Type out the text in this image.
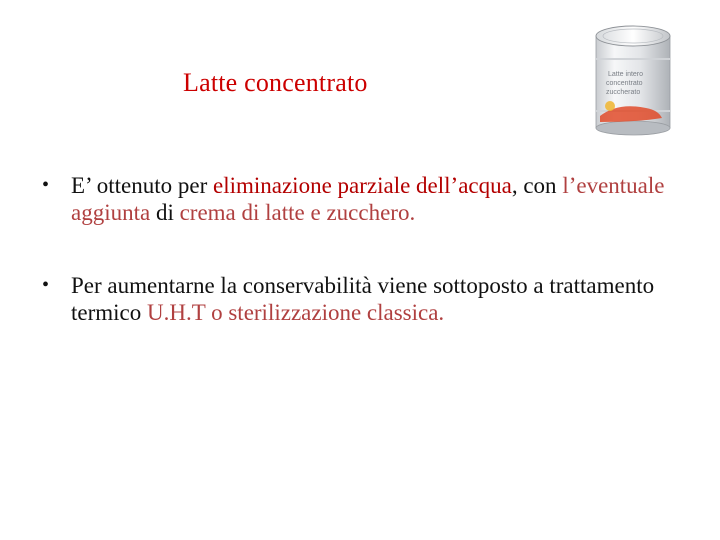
Latte concentrato	Latte intero
concentrato
zuccherato
• E’ ottenuto per eliminazione parziale dell’acqua, con l’eventuale aggiunta di crema di latte e zucchero.
• Per aumentarne la conservabilità viene sottoposto a trattamento termico U.H.T o sterilizzazione classica.
